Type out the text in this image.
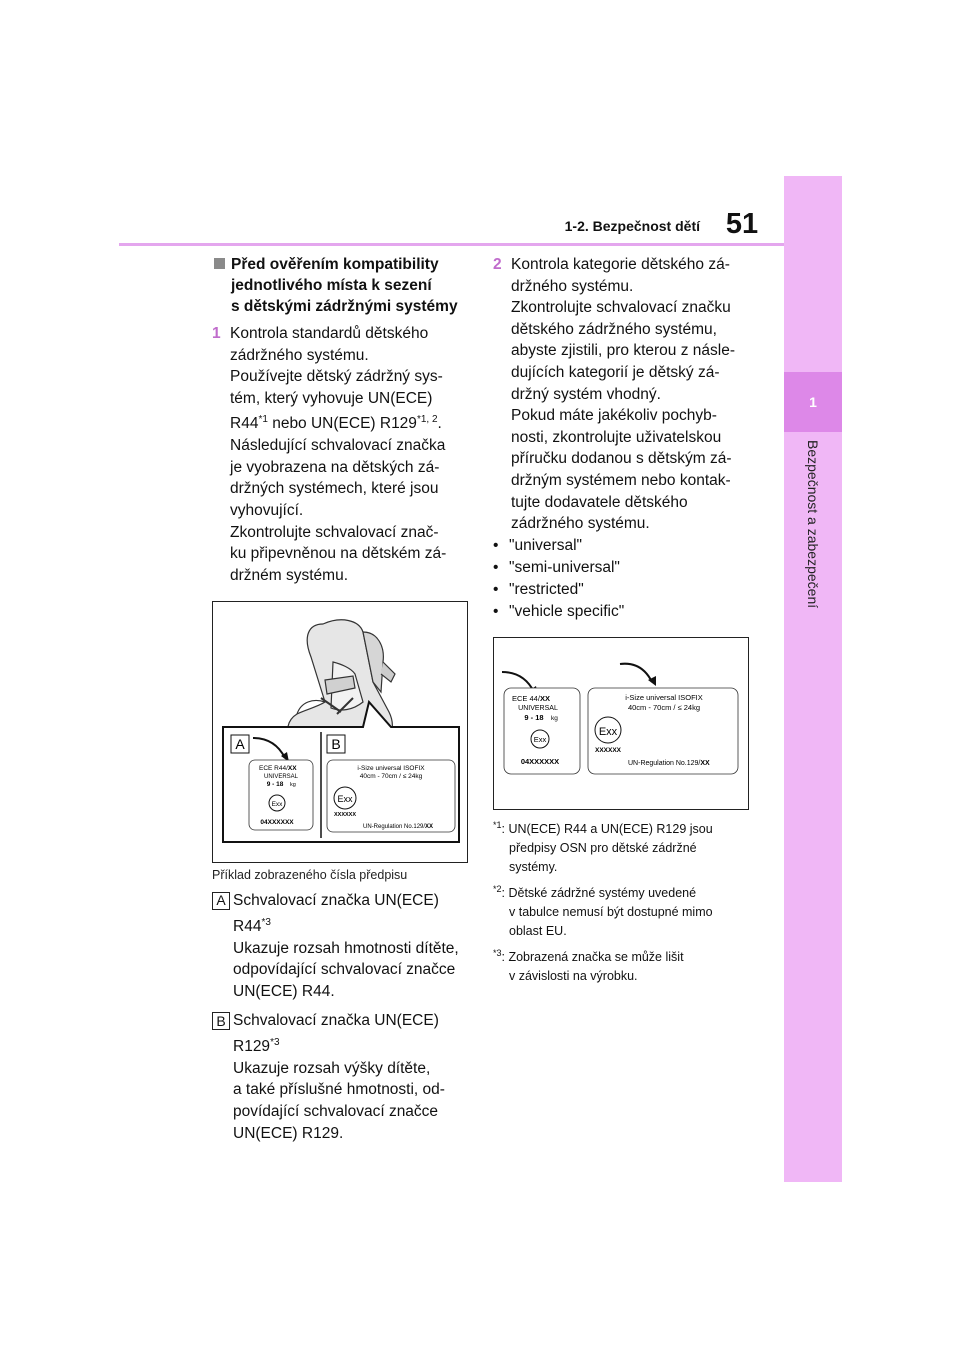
1
Bezpečnost a zabezpečení
1-2. Bezpečnost dětí 51
Před ověřením kompatibility
jednotlivého místa k sezení
s dětskými zádržnými systémy
1 Kontrola standardů dětského

zádržného systému.

Používejte dětský zádržný sys-

tém, který vyhovuje UN(ECE)

R44$^{*1}$ nebo UN(ECE) R129$^{*1, 2}$.

Následující schvalovací značka

je vyobrazena na dětských zá-

držných systémech, které jsou

vyhovující.

Zkontrolujte schvalovací znač-

ku připevněnou na dětském zá-

držném systému.

A	B
ECE R44/XX
UNIVERSAL
9 - 18 kg
Exx
04XXXXXX
i-Size universal ISOFIX
40cm - 70cm / ≤ 24kg
Exx
XXXXXX
UN-Regulation No.129/XX
Příklad zobrazeného čísla předpisu
A Schvalovací značka UN(ECE)
R44$^{*3}$
Ukazuje rozsah hmotnosti dítěte,
odpovídající schvalovací značce
UN(ECE) R44.
B Schvalovací značka UN(ECE)
R129$^{*3}$
Ukazuje rozsah výšky dítěte,
a také příslušné hmotnosti, od-
povídající schvalovací značce
UN(ECE) R129.
2 Kontrola kategorie dětského zá-

držného systému.

Zkontrolujte schvalovací značku

dětského zádržného systému,

abyste zjistili, pro kterou z násle-

dujících kategorií je dětský zá-

držný systém vhodný.

Pokud máte jakékoliv pochyb-

nosti, zkontrolujte uživatelskou

příručku dodanou s dětským zá-

držným systémem nebo kontak-

tujte dodavatele dětského

zádržného systému.

• "universal"
• "semi-universal"
• "restricted"
• "vehicle specific"
ECE 44/XX
UNIVERSAL
9 - 18 kg
Exx
04XXXXXX
i-Size universal ISOFIX
40cm - 70cm / ≤ 24kg
Exx
XXXXXX
UN-Regulation No.129/XX
$^{*1}$: UN(ECE) R44 a UN(ECE) R129 jsou
předpisy OSN pro dětské zádržné
systémy.
$^{*2}$: Dětské zádržné systémy uvedené
v tabulce nemusí být dostupné mimo
oblast EU.
$^{*3}$: Zobrazená značka se může lišit
v závislosti na výrobku.
